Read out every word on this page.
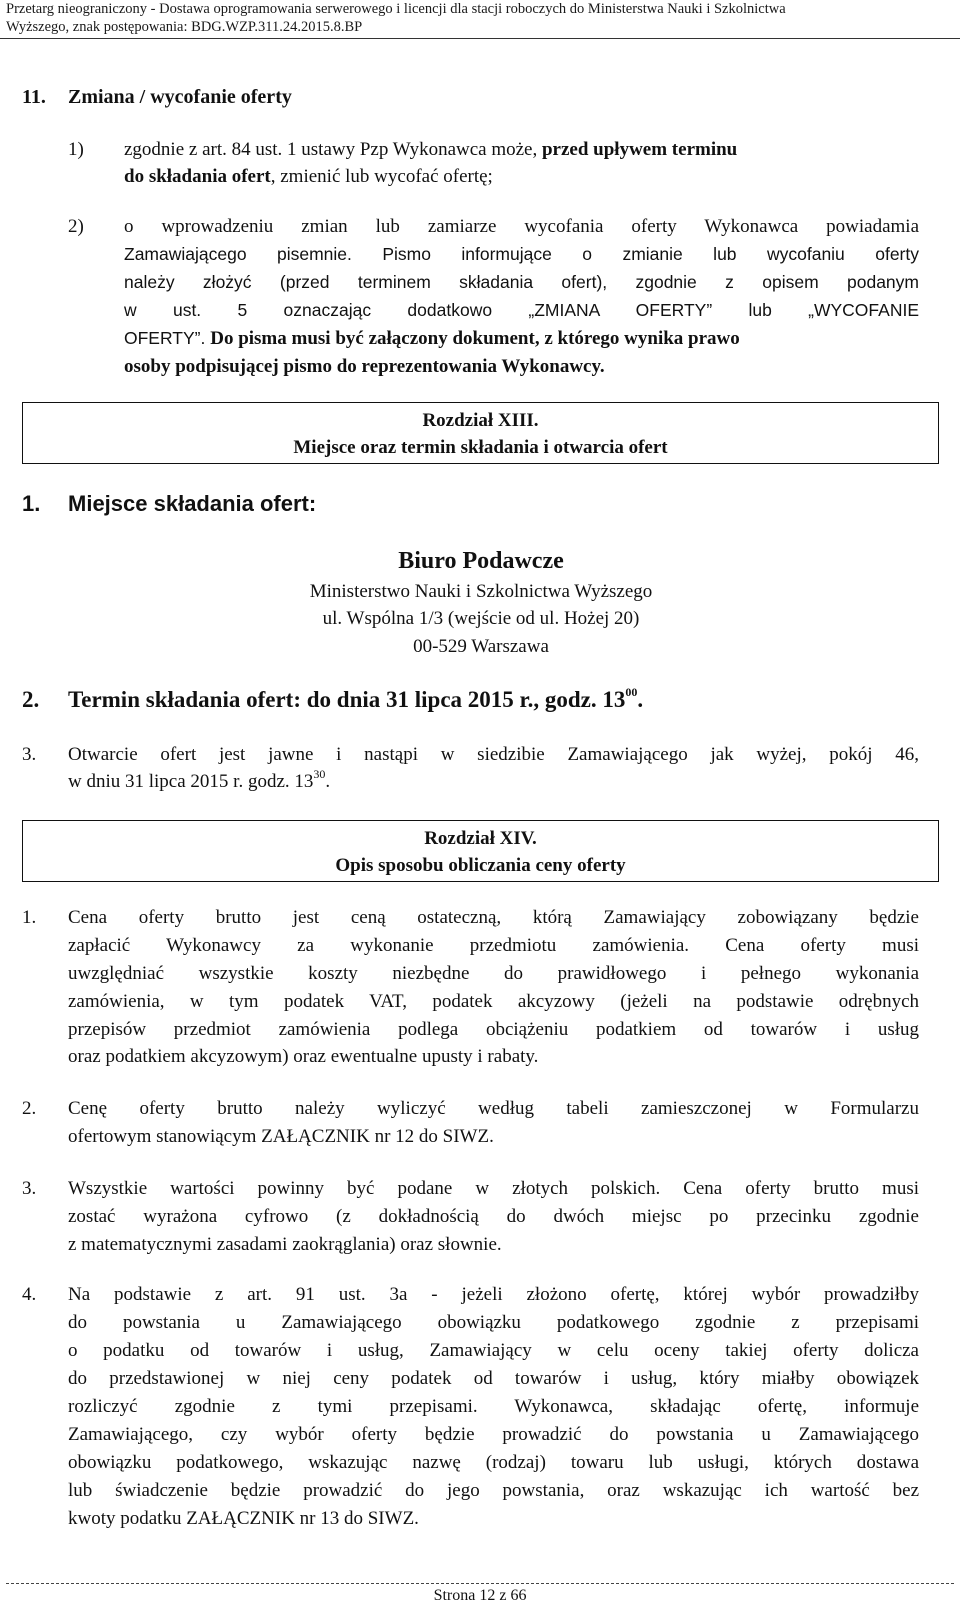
Przetarg nieograniczony - Dostawa oprogramowania serwerowego i licencji dla stacji roboczych do Ministerstwa Nauki i Szkolnictwa
Wyższego, znak postępowania: BDG.WZP.311.24.2015.8.BP
11. Zmiana / wycofanie oferty
1) zgodnie z art. 84 ust. 1 ustawy Pzp Wykonawca może, przed upływem terminu
do składania ofert, zmienić lub wycofać ofertę;
2) o wprowadzeniu zmian lub zamiarze wycofania oferty Wykonawca powiadamia
Zamawiającego pisemnie. Pismo informujące o zmianie lub wycofaniu oferty
należy złożyć (przed terminem składania ofert), zgodnie z opisem podanym
w ust. 5 oznaczając dodatkowo „ZMIANA OFERTY” lub „WYCOFANIE
OFERTY”. Do pisma musi być załączony dokument, z którego wynika prawo
osoby podpisującej pismo do reprezentowania Wykonawcy.
Rozdział XIII.
Miejsce oraz termin składania i otwarcia ofert
1. Miejsce składania ofert:
Biuro Podawcze
Ministerstwo Nauki i Szkolnictwa Wyższego
ul. Wspólna 1/3 (wejście od ul. Hożej 20)
00-529 Warszawa
2. Termin składania ofert: do dnia 31 lipca 2015 r., godz. $13^{00}$.
3. Otwarcie ofert jest jawne i nastąpi w siedzibie Zamawiającego jak wyżej, pokój 46,
w dniu 31 lipca 2015 r. godz. $13^{30}$.
Rozdział XIV.
Opis sposobu obliczania ceny oferty
1. Cena oferty brutto jest ceną ostateczną, którą Zamawiający zobowiązany będzie
zapłacić Wykonawcy za wykonanie przedmiotu zamówienia. Cena oferty musi
uwzględniać wszystkie koszty niezbędne do prawidłowego i pełnego wykonania
zamówienia, w tym podatek VAT, podatek akcyzowy (jeżeli na podstawie odrębnych
przepisów przedmiot zamówienia podlega obciążeniu podatkiem od towarów i usług
oraz podatkiem akcyzowym) oraz ewentualne upusty i rabaty.
2. Cenę oferty brutto należy wyliczyć według tabeli zamieszczonej w Formularzu
ofertowym stanowiącym ZAŁĄCZNIK nr 12 do SIWZ.
3. Wszystkie wartości powinny być podane w złotych polskich. Cena oferty brutto musi
zostać wyrażona cyfrowo (z dokładnością do dwóch miejsc po przecinku zgodnie
z matematycznymi zasadami zaokrąglania) oraz słownie.
4. Na podstawie z art. 91 ust. 3a - jeżeli złożono ofertę, której wybór prowadziłby
do powstania u Zamawiającego obowiązku podatkowego zgodnie z przepisami
o podatku od towarów i usług, Zamawiający w celu oceny takiej oferty dolicza
do przedstawionej w niej ceny podatek od towarów i usług, który miałby obowiązek
rozliczyć zgodnie z tymi przepisami. Wykonawca, składając ofertę, informuje
Zamawiającego, czy wybór oferty będzie prowadzić do powstania u Zamawiającego
obowiązku podatkowego, wskazując nazwę (rodzaj) towaru lub usługi, których dostawa
lub świadczenie będzie prowadzić do jego powstania, oraz wskazując ich wartość bez
kwoty podatku ZAŁĄCZNIK nr 13 do SIWZ.
Strona 12 z 66
